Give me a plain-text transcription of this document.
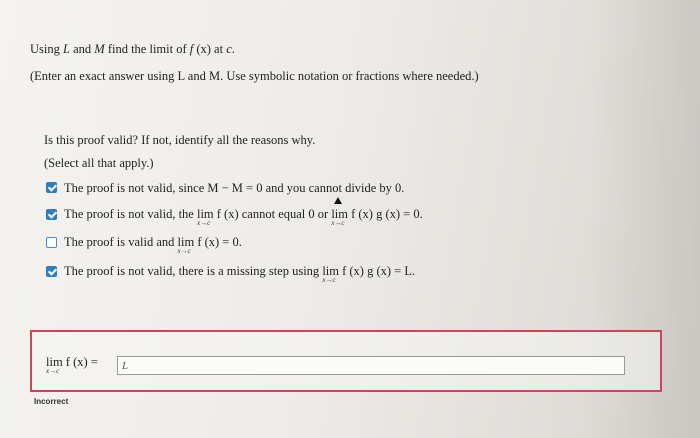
Using L and M find the limit of f (x) at c.
(Enter an exact answer using L and M. Use symbolic notation or fractions where needed.)
Is this proof valid? If not, identify all the reasons why.
(Select all that apply.)
The proof is not valid, since M − M = 0 and you cannot divide by 0.
The proof is not valid, the lim
x→c
f (x) cannot equal 0 or lim
x→c
f (x) g (x) = 0.
The proof is valid and lim
x→c
f (x) = 0.
The proof is not valid, there is a missing step using lim
x→c
f (x) g (x) = L.
lim
x→c
f (x) =
L
Incorrect
